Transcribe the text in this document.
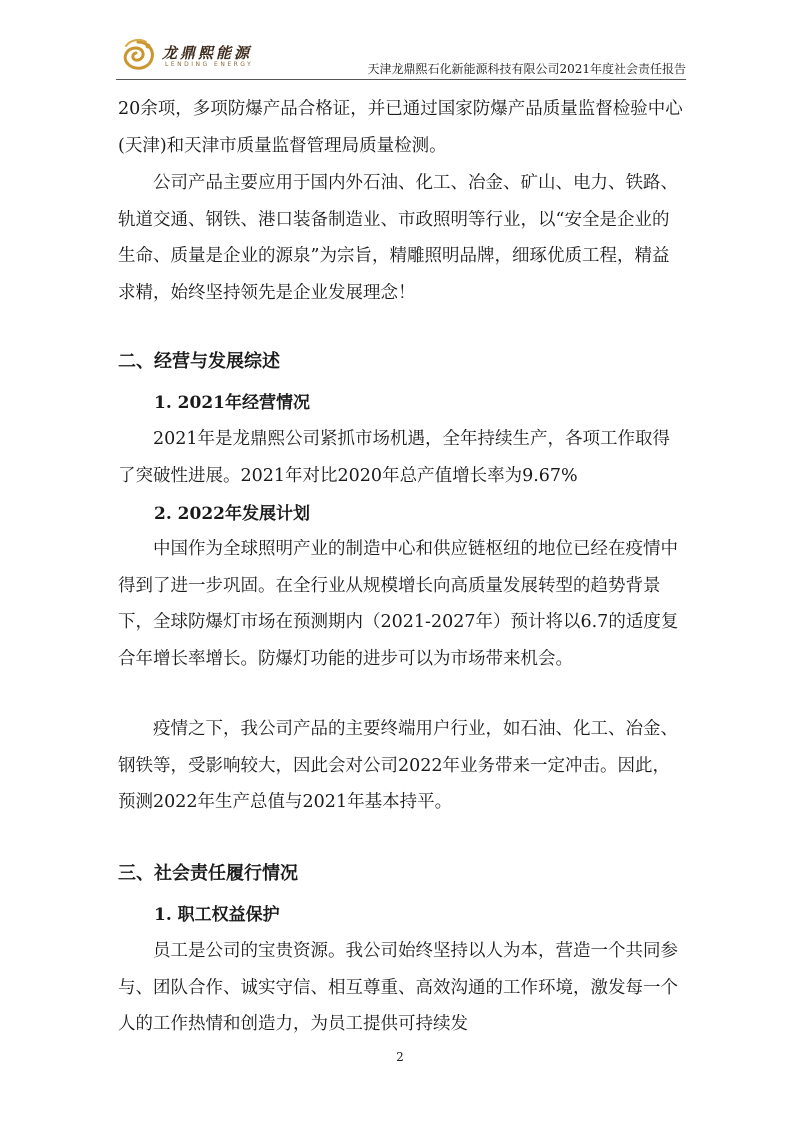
龙鼎熙能源
LENDING ENERGY	天津龙鼎熙石化新能源科技有限公司2021年度社会责任报告

20余项，多项防爆产品合格证，并已通过国家防爆产品质量监督检验中心(天津)和天津市质量监督管理局质量检测。

公司产品主要应用于国内外石油、化工、冶金、矿山、电力、铁路、轨道交通、钢铁、港口装备制造业、市政照明等行业，以“安全是企业的生命、质量是企业的源泉”为宗旨，精雕照明品牌，细琢优质工程，精益求精，始终坚持领先是企业发展理念！

二、经营与发展综述
1. 2021年经营情况

2021年是龙鼎熙公司紧抓市场机遇，全年持续生产，各项工作取得了突破性进展。2021年对比2020年总产值增长率为9.67%

2. 2022年发展计划

中国作为全球照明产业的制造中心和供应链枢纽的地位已经在疫情中得到了进一步巩固。在全行业从规模增长向高质量发展转型的趋势背景下，全球防爆灯市场在预测期内（2021-2027年）预计将以6.7的适度复合年增长率增长。防爆灯功能的进步可以为市场带来机会。

疫情之下，我公司产品的主要终端用户行业，如石油、化工、冶金、钢铁等，受影响较大，因此会对公司2022年业务带来一定冲击。因此，预测2022年生产总值与2021年基本持平。

三、社会责任履行情况
1. 职工权益保护

员工是公司的宝贵资源。我公司始终坚持以人为本，营造一个共同参与、团队合作、诚实守信、相互尊重、高效沟通的工作环境，激发每一个人的工作热情和创造力，为员工提供可持续发

2
